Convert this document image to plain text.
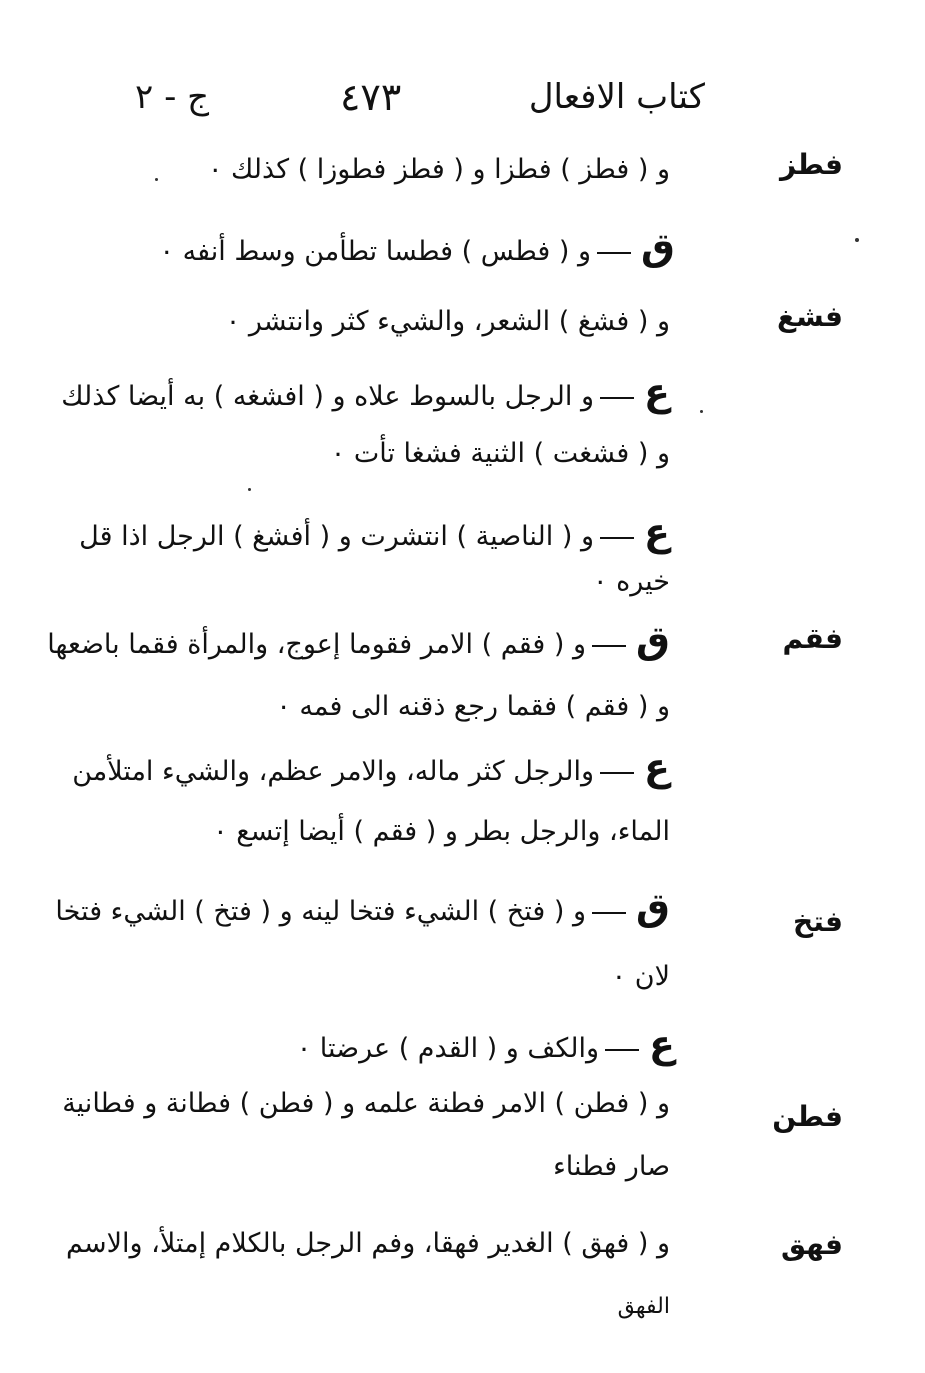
كتاب الافعال
٤٧٣
ج - ٢
فطز
و ( فطز ) فطزا و ( فطز فطوزا ) كذلك ٠
قو ( فطس ) فطسا تطأمن وسط أنفه ٠
فشغ
و ( فشغ ) الشعر، والشيء كثر وانتشر ٠
عو الرجل بالسوط علاه و ( افشغه ) به أيضا كذلك
و ( فشغت ) الثنية فشغا تأت ٠
عو ( الناصية ) انتشرت و ( أفشغ ) الرجل اذا قل
خيره ٠
فقم
قو ( فقم ) الامر فقوما إعوج، والمرأة فقما باضعها
و ( فقم ) فقما رجع ذقنه الى فمه ٠
عوالرجل كثر ماله، والامر عظم، والشيء امتلأمن
الماء، والرجل بطر و ( فقم ) أيضا إتسع ٠
فتخ
قو ( فتخ ) الشيء فتخا لينه و ( فتخ ) الشيء فتخا
لان ٠
عوالكف و ( القدم ) عرضتا ٠
فطن
و ( فطن ) الامر فطنة علمه و ( فطن ) فطانة و فطانية
صار فطناء
فهق
و ( فهق ) الغدير فهقا، وفم الرجل بالكلام إمتلأ، والاسم
الفهق
